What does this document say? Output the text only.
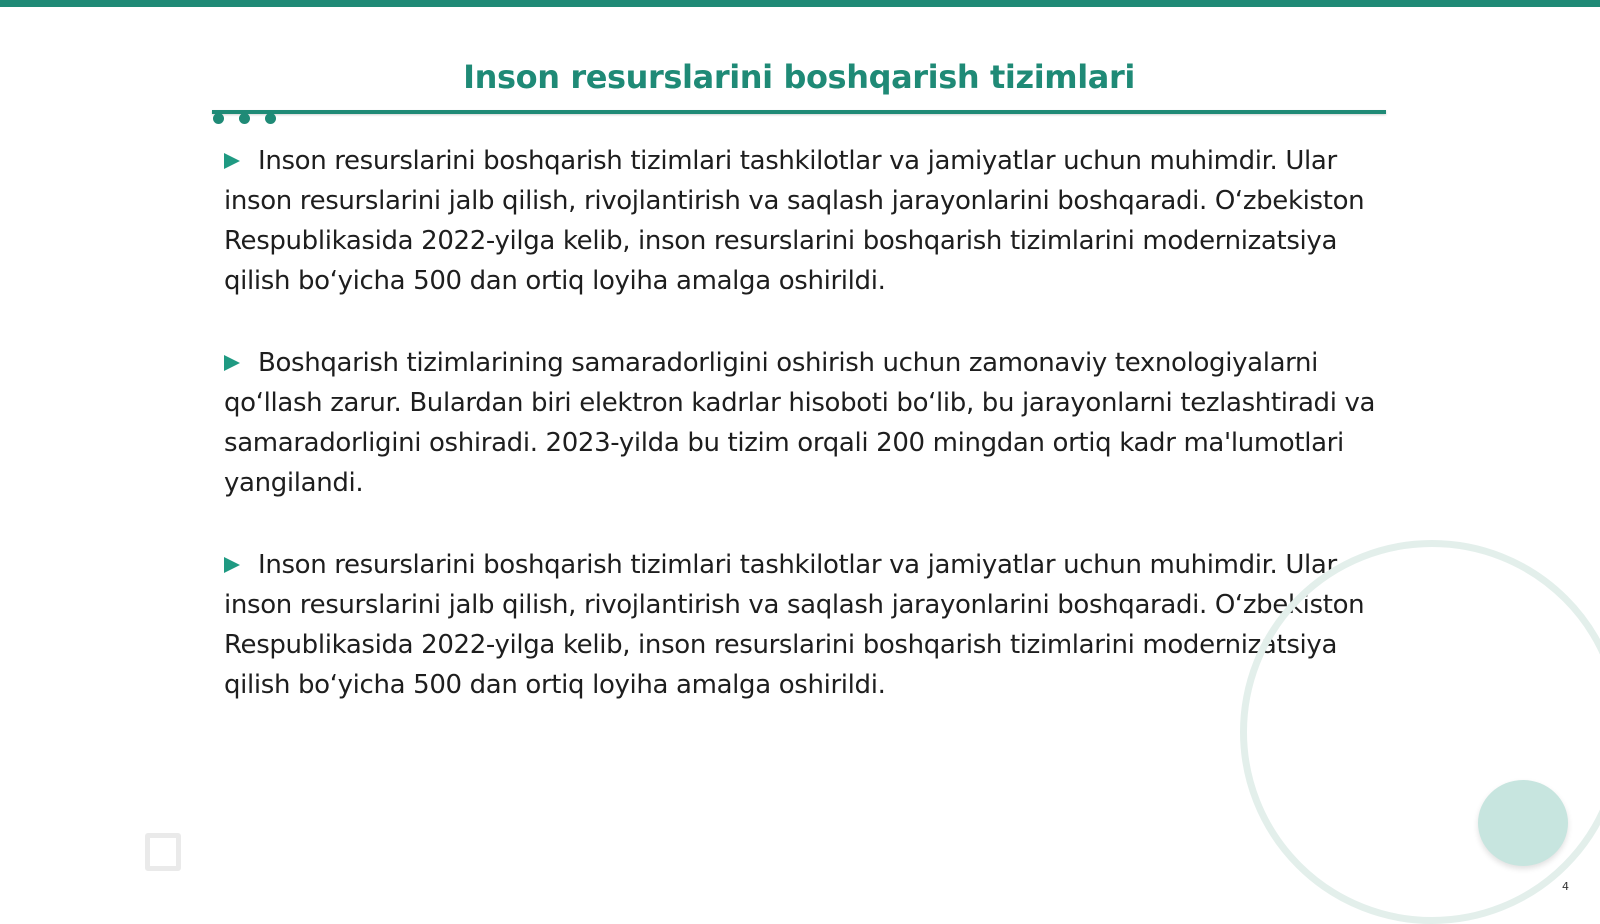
Inson resurslarini boshqarish tizimlari

Inson resurslarini boshqarish tizimlari tashkilotlar va jamiyatlar uchun muhimdir. Ular inson resurslarini jalb qilish, rivojlantirish va saqlash jarayonlarini boshqaradi. O‘zbekiston Respublikasida 2022-yilga kelib, inson resurslarini boshqarish tizimlarini modernizatsiya qilish bo‘yicha 500 dan ortiq loyiha amalga oshirildi.

Boshqarish tizimlarining samaradorligini oshirish uchun zamonaviy texnologiyalarni qo‘llash zarur. Bulardan biri elektron kadrlar hisoboti bo‘lib, bu jarayonlarni tezlashtiradi va samaradorligini oshiradi. 2023-yilda bu tizim orqali 200 mingdan ortiq kadr ma'lumotlari yangilandi.

Inson resurslarini boshqarish tizimlari tashkilotlar va jamiyatlar uchun muhimdir. Ular inson resurslarini jalb qilish, rivojlantirish va saqlash jarayonlarini boshqaradi. O‘zbekiston Respublikasida 2022-yilga kelib, inson resurslarini boshqarish tizimlarini modernizatsiya qilish bo‘yicha 500 dan ortiq loyiha amalga oshirildi.

4
